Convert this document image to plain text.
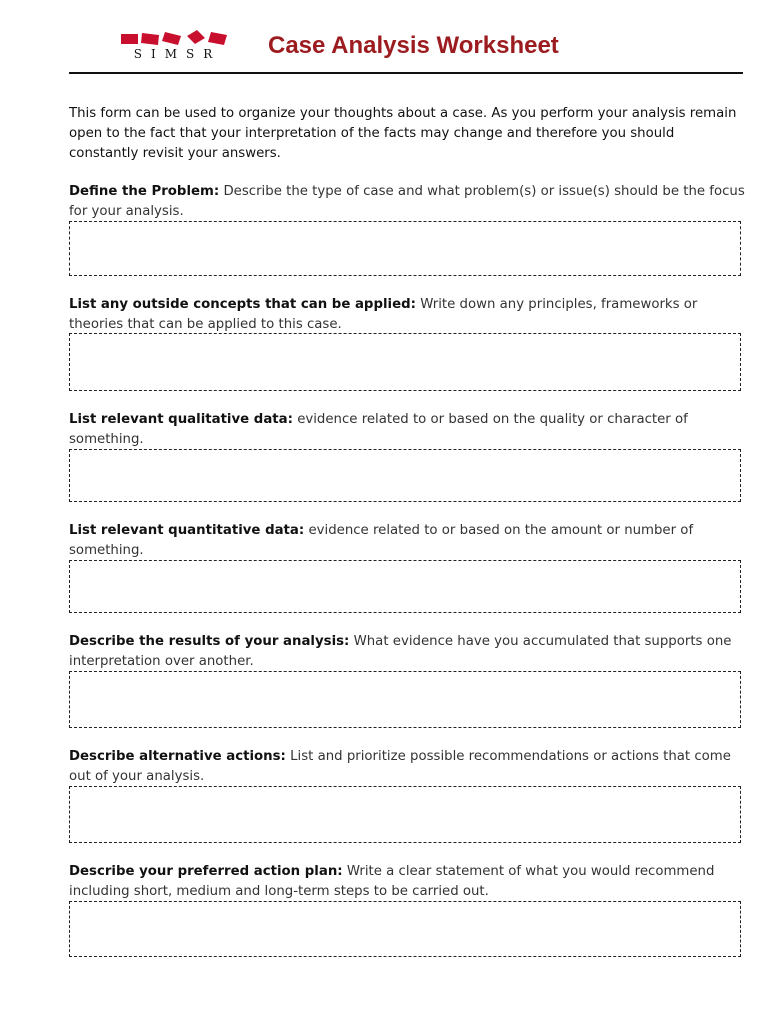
SIMSR	Case Analysis Worksheet
This form can be used to organize your thoughts about a case. As you perform your analysis remain open to the fact that your interpretation of the facts may change and therefore you should constantly revisit your answers.
Define the Problem: Describe the type of case and what problem(s) or issue(s) should be the focus for your analysis.
List any outside concepts that can be applied: Write down any principles, frameworks or theories that can be applied to this case.
List relevant qualitative data: evidence related to or based on the quality or character of something.
List relevant quantitative data: evidence related to or based on the amount or number of something.
Describe the results of your analysis: What evidence have you accumulated that supports one interpretation over another.
Describe alternative actions: List and prioritize possible recommendations or actions that come out of your analysis.
Describe your preferred action plan: Write a clear statement of what you would recommend including short, medium and long-term steps to be carried out.
